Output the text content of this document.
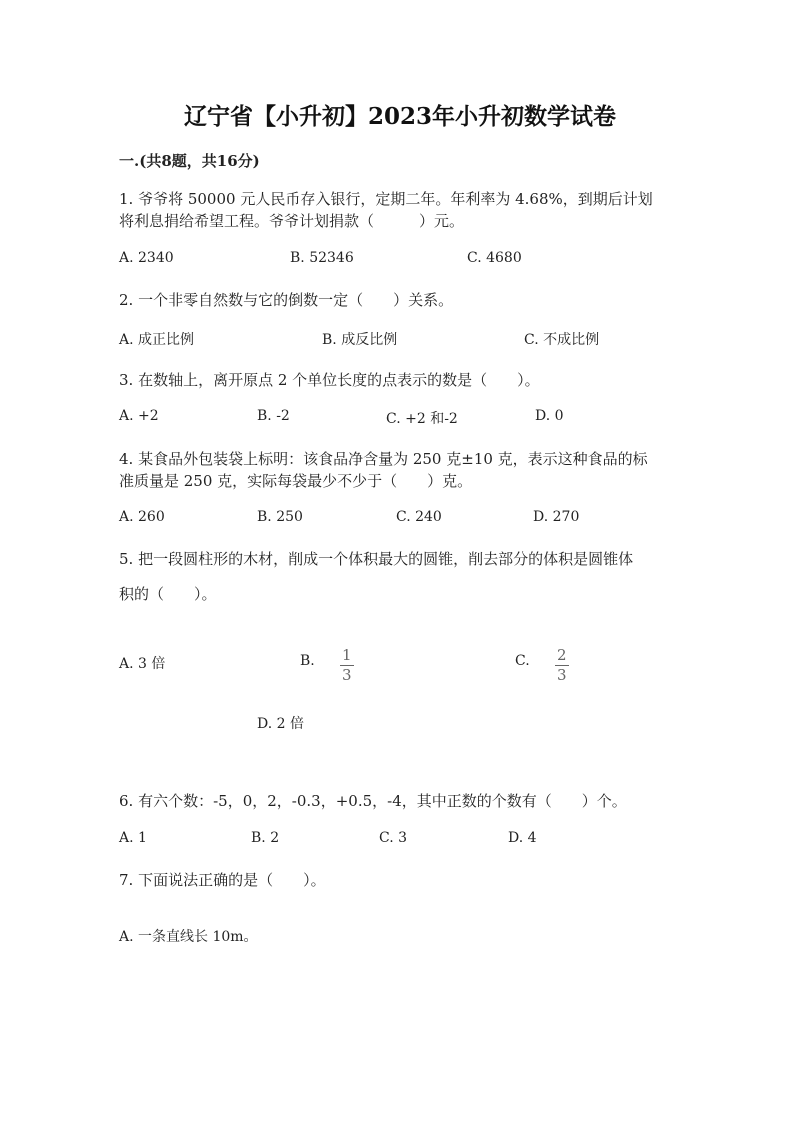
辽宁省【小升初】2023年小升初数学试卷
一.(共8题，共16分)
1. 爷爷将 50000 元人民币存入银行，定期二年。年利率为 4.68%，到期后计划
将利息捐给希望工程。爷爷计划捐款（　　　）元。
A. 2340	B. 52346	C. 4680
2. 一个非零自然数与它的倒数一定（　　）关系。
A. 成正比例	B. 成反比例	C. 不成比例
3. 在数轴上，离开原点 2 个单位长度的点表示的数是（　　）。
A. +2	B. -2	C. +2 和-2	D. 0
4. 某食品外包装袋上标明：该食品净含量为 250 克±10 克，表示这种食品的标
准质量是 250 克，实际每袋最少不少于（　　）克。
A. 260	B. 250	C. 240	D. 270
5. 把一段圆柱形的木材，削成一个体积最大的圆锥，削去部分的体积是圆锥体
积的（　　）。
A. 3 倍	B. 1
3
C. 2
3
D. 2 倍
6. 有六个数：-5，0，2，-0.3，+0.5，-4，其中正数的个数有（　　）个。
A. 1	B. 2	C. 3	D. 4
7. 下面说法正确的是（　　）。
A. 一条直线长 10m。
